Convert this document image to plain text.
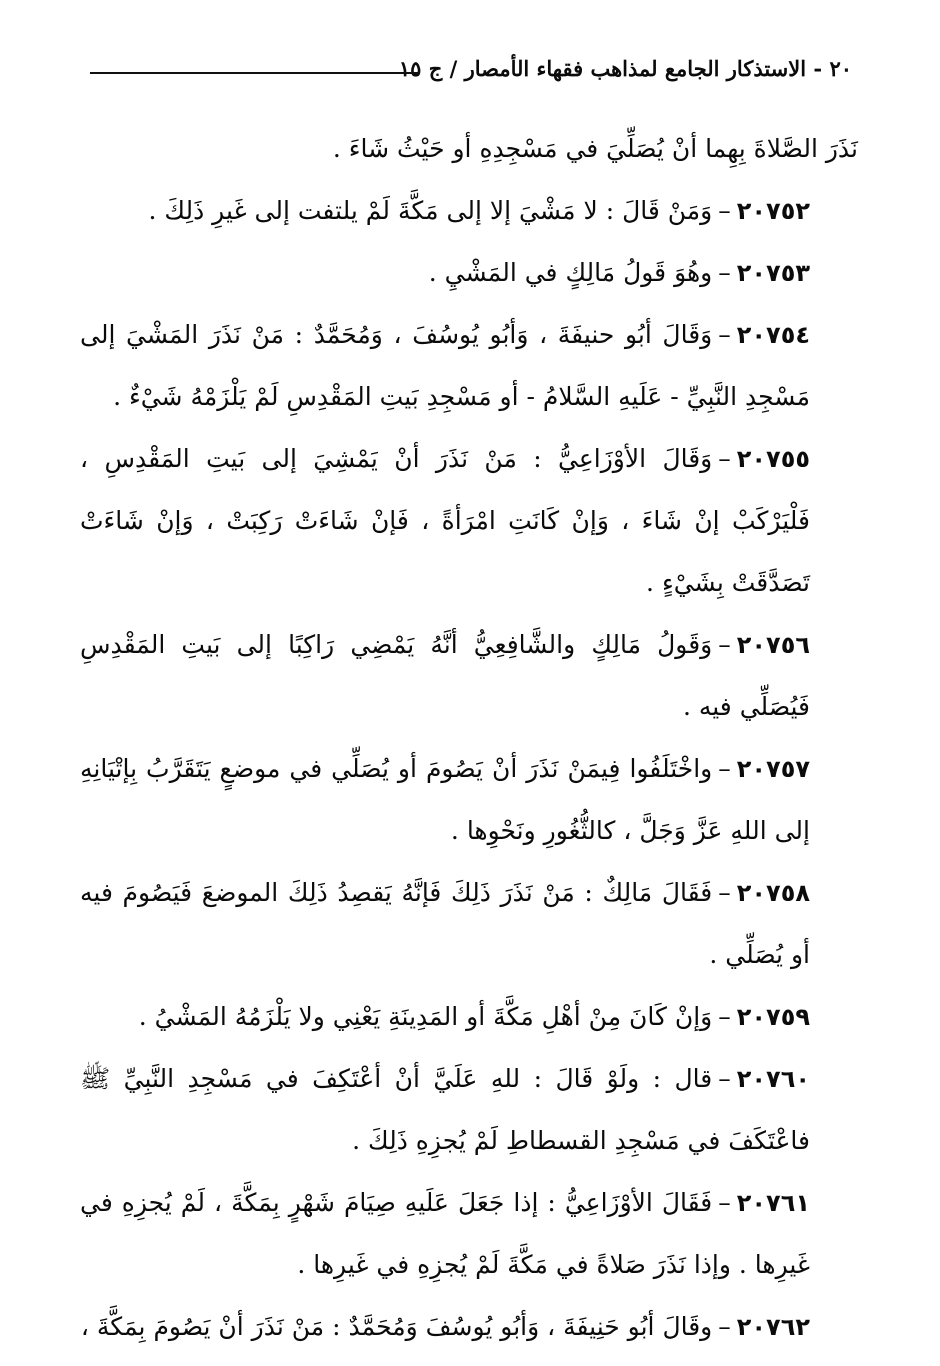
٢٠ - الاستذكار الجامع لمذاهب فقهاء الأمصار / ج ١٥

نَذَرَ الصَّلاةَ بِهِما أنْ يُصَلِّيَ في مَسْجِدِهِ أو حَيْثُ شَاءَ .

٢٠٧٥٢–وَمَنْ قَالَ : لا مَشْيَ إلا إلى مَكَّةَ لَمْ يلتفت إلى غَيرِ ذَلِكَ .

٢٠٧٥٣–وهُوَ قَولُ مَالِكٍ في المَشْيِ .

٢٠٧٥٤–وَقَالَ أبُو حنيفَةَ ، وَأبُو يُوسُفَ ، وَمُحَمَّدٌ : مَنْ نَذَرَ المَشْيَ إلى مَسْجِدِ النَّبِيِّ - عَلَيهِ السَّلامُ - أو مَسْجِدِ بَيتِ المَقْدِسِ لَمْ يَلْزَمْهُ شَيْءٌ .

٢٠٧٥٥–وَقَالَ الأوْزَاعِيُّ : مَنْ نَذَرَ أنْ يَمْشِيَ إلى بَيتِ المَقْدِسِ ، فَلْيَرْكَبْ إنْ شَاءَ ، وَإنْ كَانَتِ امْرَأةً ، فَإنْ شَاءَتْ رَكِبَتْ ، وَإنْ شَاءَتْ تَصَدَّقَتْ بِشَيْءٍ .

٢٠٧٥٦–وَقَولُ مَالِكٍ والشَّافِعِيُّ أنَّهُ يَمْضِي رَاكِبًا إلى بَيتِ المَقْدِسِ فَيُصَلِّي فيه .

٢٠٧٥٧–واخْتَلَفُوا فِيمَنْ نَذَرَ أنْ يَصُومَ أو يُصَلِّي في موضعٍ يَتَقَرَّبُ بِإتْيَانِهِ إلى اللهِ عَزَّ وَجَلَّ ، كالثُّغُورِ ونَحْوِها .

٢٠٧٥٨–فَقَالَ مَالِكٌ : مَنْ نَذَرَ ذَلِكَ فَإنَّهُ يَقصِدُ ذَلِكَ الموضعَ فَيَصُومَ فيه أو يُصَلِّي .

٢٠٧٥٩–وَإنْ كَانَ مِنْ أهْلِ مَكَّةَ أو المَدِينَةِ يَعْنِي ولا يَلْزَمُهُ المَشْيُ .

٢٠٧٦٠–قال : ولَوْ قَالَ : للهِ عَلَيَّ أنْ أعْتَكِفَ في مَسْجِدِ النَّبِيِّ ﷺ فاعْتَكَفَ في مَسْجِدِ القسطاطِ لَمْ يُجزِهِ ذَلِكَ .

٢٠٧٦١–فَقَالَ الأوْزَاعِيُّ : إذا جَعَلَ عَلَيهِ صِيَامَ شَهْرٍ بِمَكَّةَ ، لَمْ يُجزِهِ في غَيرِها . وإذا نَذَرَ صَلاةً في مَكَّةَ لَمْ يُجزِهِ في غَيرِها .

٢٠٧٦٢–وقَالَ أبُو حَنِيفَةَ ، وَأبُو يُوسُفَ وَمُحَمَّدٌ : مَنْ نَذَرَ أنْ يَصُومَ بِمَكَّةَ ،
